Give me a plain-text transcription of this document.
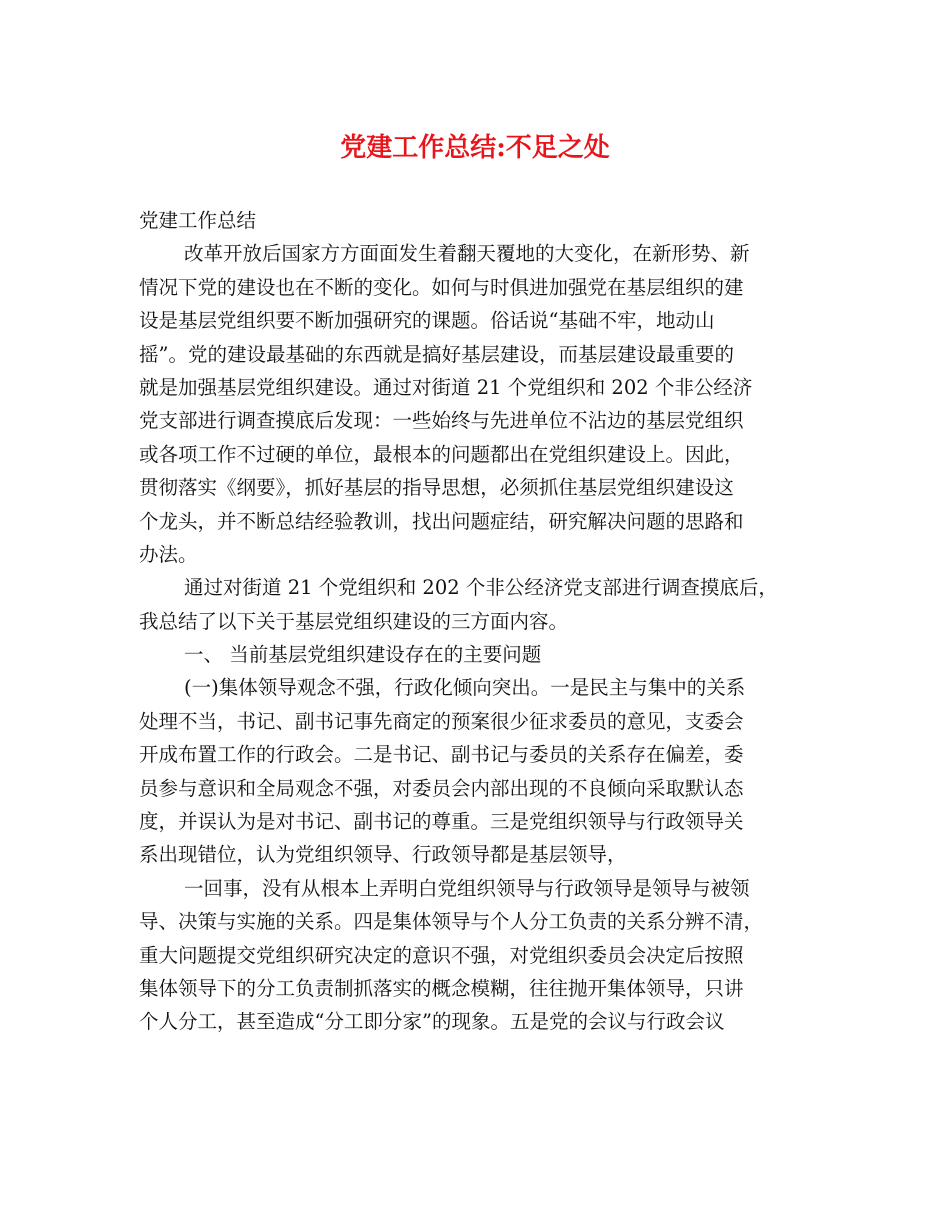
党建工作总结:不足之处
党建工作总结
改革开放后国家方方面面发生着翻天覆地的大变化，在新形势、新
情况下党的建设也在不断的变化。如何与时俱进加强党在基层组织的建
设是基层党组织要不断加强研究的课题。俗话说“基础不牢，地动山
摇”。党的建设最基础的东西就是搞好基层建设，而基层建设最重要的
就是加强基层党组织建设。通过对街道 21 个党组织和 202 个非公经济
党支部进行调查摸底后发现：一些始终与先进单位不沾边的基层党组织
或各项工作不过硬的单位，最根本的问题都出在党组织建设上。因此，
贯彻落实《纲要》，抓好基层的指导思想，必须抓住基层党组织建设这
个龙头，并不断总结经验教训，找出问题症结，研究解决问题的思路和
办法。
通过对街道 21 个党组织和 202 个非公经济党支部进行调查摸底后，
我总结了以下关于基层党组织建设的三方面内容。
一、 当前基层党组织建设存在的主要问题
(一)集体领导观念不强，行政化倾向突出。一是民主与集中的关系
处理不当，书记、副书记事先商定的预案很少征求委员的意见，支委会
开成布置工作的行政会。二是书记、副书记与委员的关系存在偏差，委
员参与意识和全局观念不强，对委员会内部出现的不良倾向采取默认态
度，并误认为是对书记、副书记的尊重。三是党组织领导与行政领导关
系出现错位，认为党组织领导、行政领导都是基层领导，
一回事，没有从根本上弄明白党组织领导与行政领导是领导与被领
导、决策与实施的关系。四是集体领导与个人分工负责的关系分辨不清，
重大问题提交党组织研究决定的意识不强，对党组织委员会决定后按照
集体领导下的分工负责制抓落实的概念模糊，往往抛开集体领导，只讲
个人分工，甚至造成“分工即分家”的现象。五是党的会议与行政会议
